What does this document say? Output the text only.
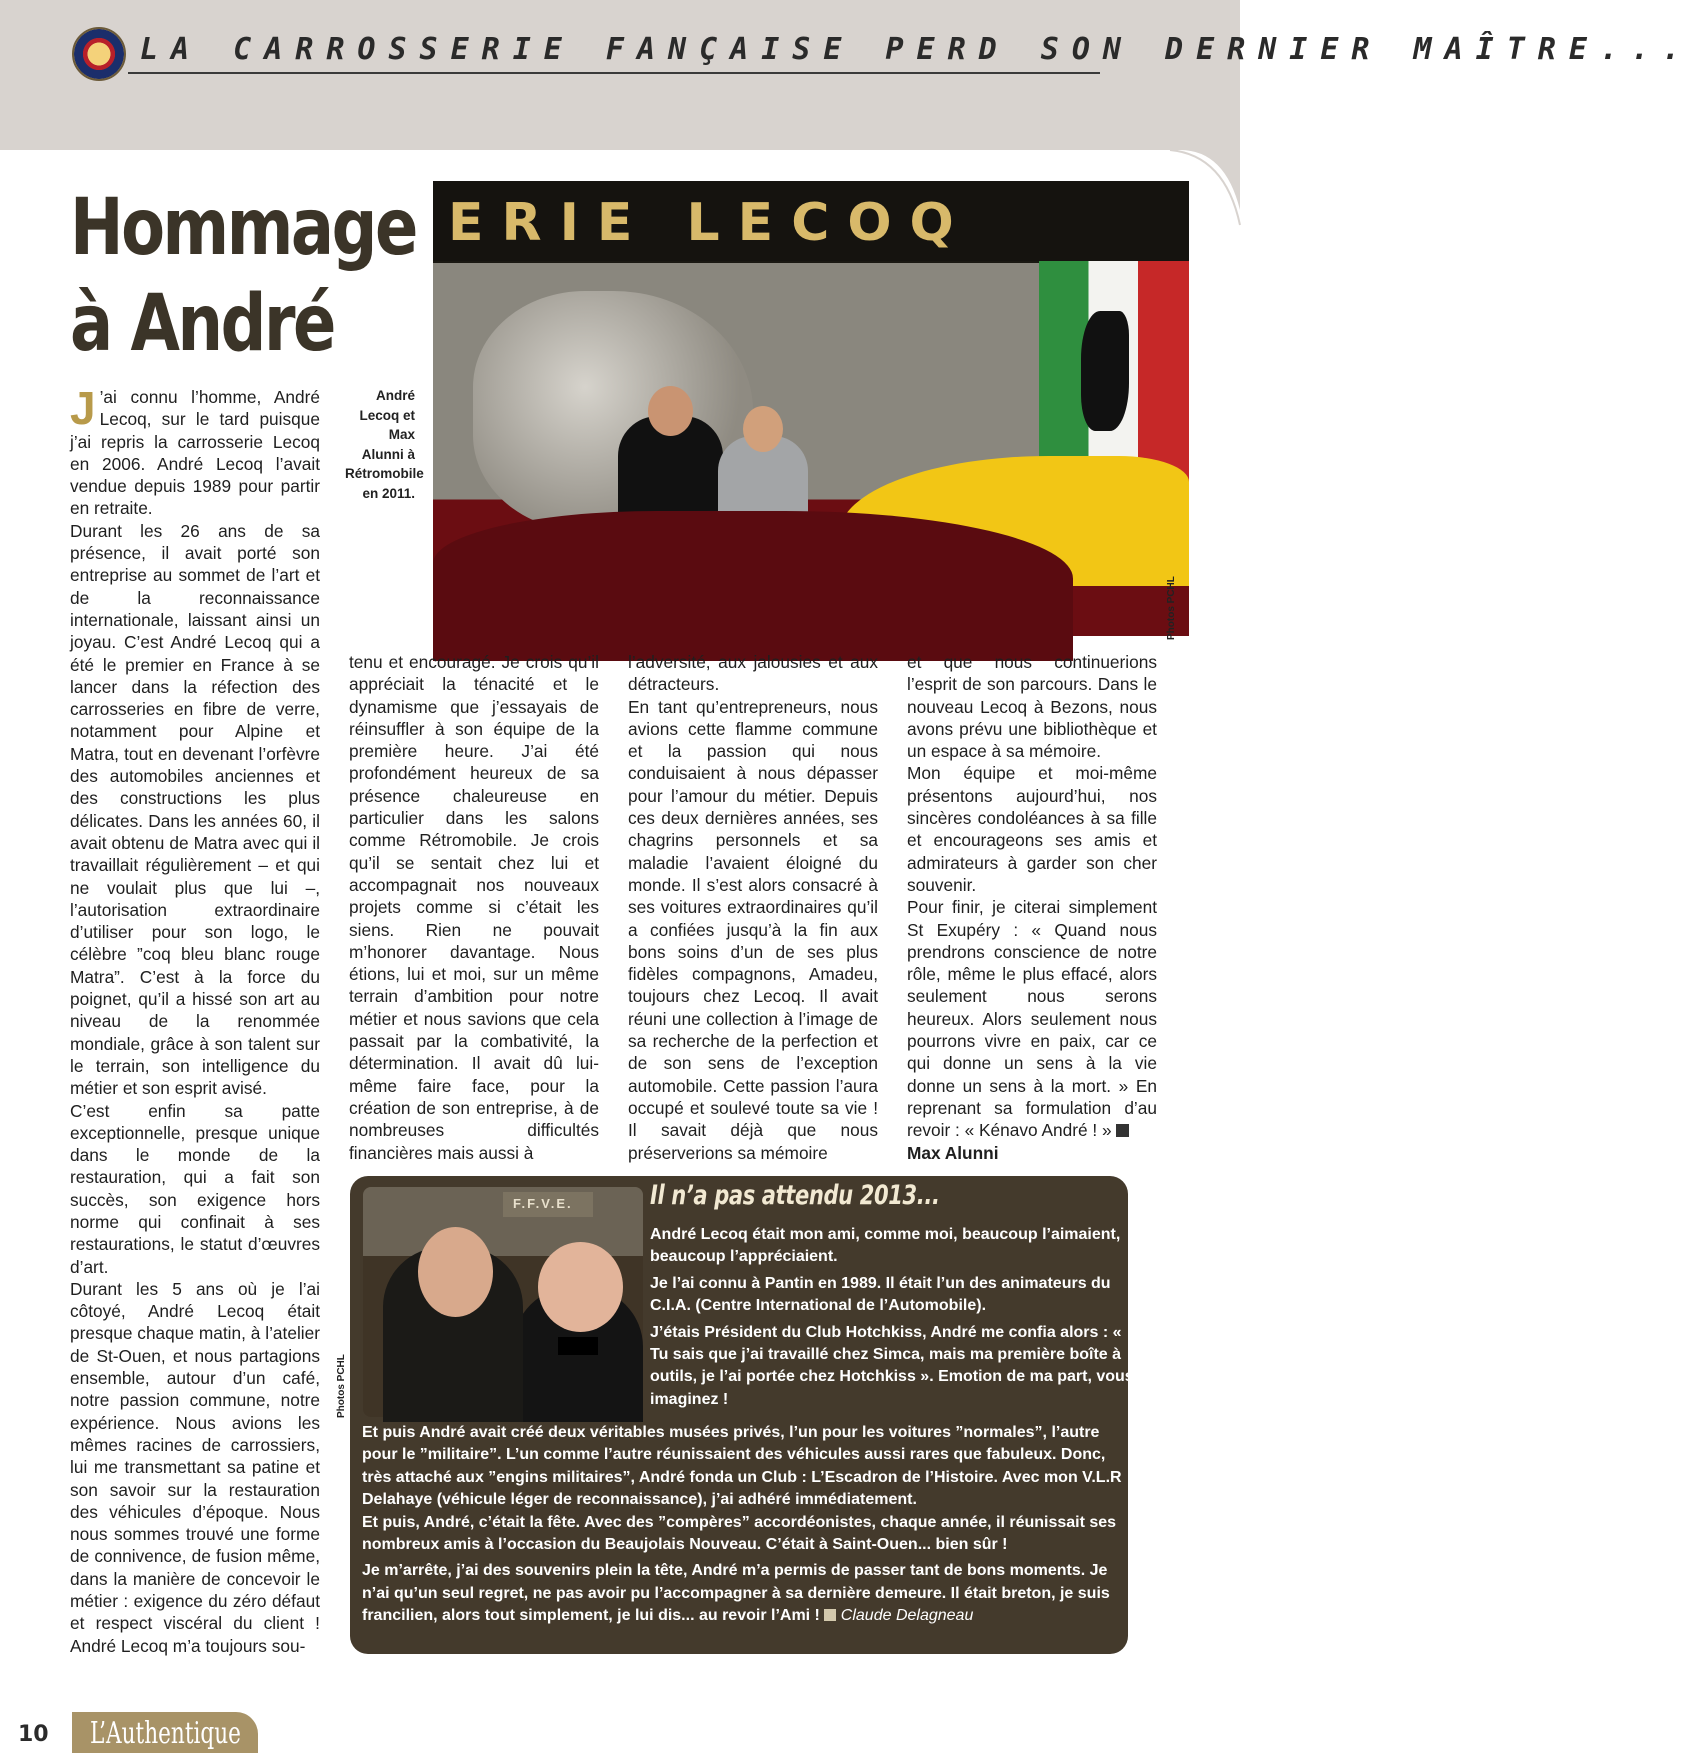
LA CARROSSERIE FANÇAISE PERD SON DERNIER MAÎTRE...
Hommage
à André
ERIE LECOQ
Photos PCHL
André Lecoq et Max Alunni à Rétromobile en 2011.

J ’ai connu l’homme, André Lecoq, sur le tard puisque j’ai repris la carrosserie Lecoq en 2006. André Lecoq l’avait vendue depuis 1989 pour partir en retraite.

Durant les 26 ans de sa présence, il avait porté son entreprise au sommet de l’art et de la reconnaissance internationale, laissant ainsi un joyau. C’est André Lecoq qui a été le premier en France à se lancer dans la réfection des carrosseries en fibre de verre, notamment pour Alpine et Matra, tout en devenant l’orfèvre des automobiles anciennes et des constructions les plus délicates. Dans les années 60, il avait obtenu de Matra avec qui il travaillait régulièrement – et qui ne voulait plus que lui –, l’autorisation extraordinaire d’utiliser pour son logo, le célèbre ”coq bleu blanc rouge Matra”. C’est à la force du poignet, qu’il a hissé son art au niveau de la renommée mondiale, grâce à son talent sur le terrain, son intelligence du métier et son esprit avisé.

C’est enfin sa patte exceptionnelle, presque unique dans le monde de la restauration, qui a fait son succès, son exigence hors norme qui confinait à ses restaurations, le statut d’œuvres d’art.

Durant les 5 ans où je l’ai côtoyé, André Lecoq était presque chaque matin, à l’atelier de St-Ouen, et nous partagions ensemble, autour d’un café, notre passion commune, notre expérience. Nous avions les mêmes racines de carrossiers, lui me transmettant sa patine et son savoir sur la restauration des véhicules d’époque. Nous nous sommes trouvé une forme de connivence, de fusion même, dans la manière de concevoir le métier : exigence du zéro défaut et respect viscéral du client ! André Lecoq m’a toujours sou-

tenu et encouragé. Je crois qu’il appréciait la ténacité et le dynamisme que j’essayais de réinsuffler à son équipe de la première heure. J’ai été profondément heureux de sa présence chaleureuse en particulier dans les salons comme Rétromobile. Je crois qu’il se sentait chez lui et accompagnait nos nouveaux projets comme si c’était les siens. Rien ne pouvait m’honorer davantage. Nous étions, lui et moi, sur un même terrain d’ambition pour notre métier et nous savions que cela passait par la combativité, la détermination. Il avait dû lui-même faire face, pour la création de son entreprise, à de nombreuses difficultés financières mais aussi à

l’adversité, aux jalousies et aux détracteurs.

En tant qu’entrepreneurs, nous avions cette flamme commune et la passion qui nous conduisaient à nous dépasser pour l’amour du métier. Depuis ces deux dernières années, ses chagrins personnels et sa maladie l’avaient éloigné du monde. Il s’est alors consacré à ses voitures extraordinaires qu’il a confiées jusqu’à la fin aux bons soins d’un de ses plus fidèles compagnons, Amadeu, toujours chez Lecoq. Il avait réuni une collection à l’image de sa recherche de la perfection et de son sens de l’exception automobile. Cette passion l’aura occupé et soulevé toute sa vie ! Il savait déjà que nous préserverions sa mémoire

et que nous continuerions l’esprit de son parcours. Dans le nouveau Lecoq à Bezons, nous avons prévu une bibliothèque et un espace à sa mémoire.

Mon équipe et moi-même présentons aujourd’hui, nos sincères condoléances à sa fille et encourageons ses amis et admirateurs à garder son cher souvenir.

Pour finir, je citerai simplement St Exupéry : « Quand nous prendrons conscience de notre rôle, même le plus effacé, alors seulement nous serons heureux. Alors seulement nous pourrons vivre en paix, car ce qui donne un sens à la vie donne un sens à la mort. » En reprenant sa formulation d’au revoir : « Kénavo André ! »

Max Alunni

F.F.V.E.
Photos PCHL
Il n’a pas attendu 2013...

André Lecoq était mon ami, comme moi, beaucoup l’aimaient, beaucoup l’appréciaient.

Je l’ai connu à Pantin en 1989. Il était l’un des animateurs du C.I.A. (Centre International de l’Automobile).

J’étais Président du Club Hotchkiss, André me confia alors : « Tu sais que j’ai travaillé chez Simca, mais ma première boîte à outils, je l’ai portée chez Hotchkiss ». Emotion de ma part, vous imaginez !

Et puis André avait créé deux véritables musées privés, l’un pour les voitures ”normales”, l’autre pour le ”militaire”. L’un comme l’autre réunissaient des véhicules aussi rares que fabuleux. Donc, très attaché aux ”engins militaires”, André fonda un Club : L’Escadron de l’Histoire. Avec mon V.L.R Delahaye (véhicule léger de reconnaissance), j’ai adhéré immédiatement.

Et puis, André, c’était la fête. Avec des ”compères” accordéonistes, chaque année, il réunissait ses nombreux amis à l’occasion du Beaujolais Nouveau. C’était à Saint-Ouen... bien sûr !

Je m’arrête, j’ai des souvenirs plein la tête, André m’a permis de passer tant de bons moments. Je n’ai qu’un seul regret, ne pas avoir pu l’accompagner à sa dernière demeure. Il était breton, je suis francilien, alors tout simplement, je lui dis... au revoir l’Ami ! Claude Delagneau

10 L’Authentique
